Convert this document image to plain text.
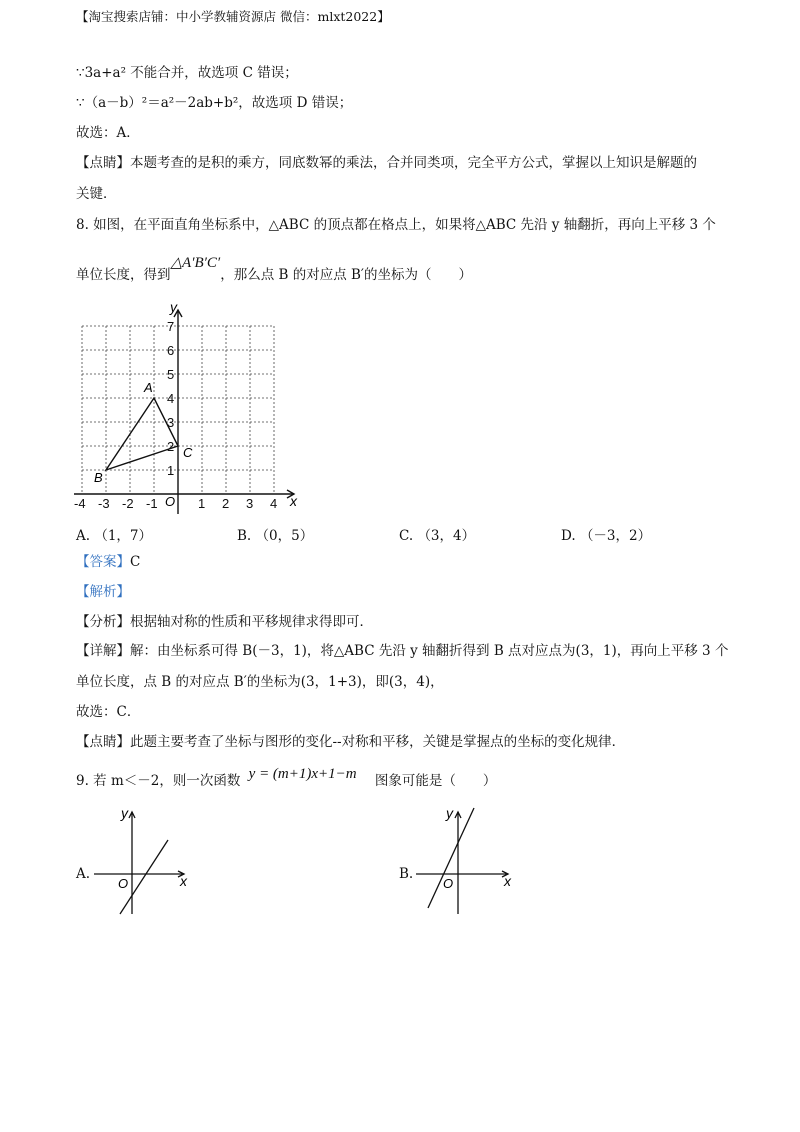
【淘宝搜索店铺：中小学教辅资源店 微信：mlxt2022】
∵3a+a² 不能合并，故选项 C 错误；
∵（a－b）²＝a²－2ab+b²，故选项 D 错误；
故选：A．
【点睛】本题考查的是积的乘方，同底数幂的乘法，合并同类项，完全平方公式，掌握以上知识是解题的
关键．
8. 如图，在平面直角坐标系中，△ABC 的顶点都在格点上，如果将△ABC 先沿 y 轴翻折，再向上平移 3 个
单位长度，得到△A′B′C′，那么点 B 的对应点 B′的坐标为（　　）
y
x
O
-4 -3 -2 -1	1 2 3 4
1
2
3
4
5
6
7
A
B
C
A. （1，7）	B. （0，5）	C. （3，4）	D. （－3，2）
【答案】C
【解析】
【分析】根据轴对称的性质和平移规律求得即可．
【详解】解：由坐标系可得 B(－3，1)，将△ABC 先沿 y 轴翻折得到 B 点对应点为(3，1)，再向上平移 3 个
单位长度，点 B 的对应点 B′的坐标为(3，1+3)，即(3，4)，
故选：C．
【点睛】此题主要考查了坐标与图形的变化--对称和平移，关键是掌握点的坐标的变化规律．
9. 若 m＜－2，则一次函数 y = (m+1)x+1−m 图象可能是（　　）
A.
y
x
O
B.
y
x
O
